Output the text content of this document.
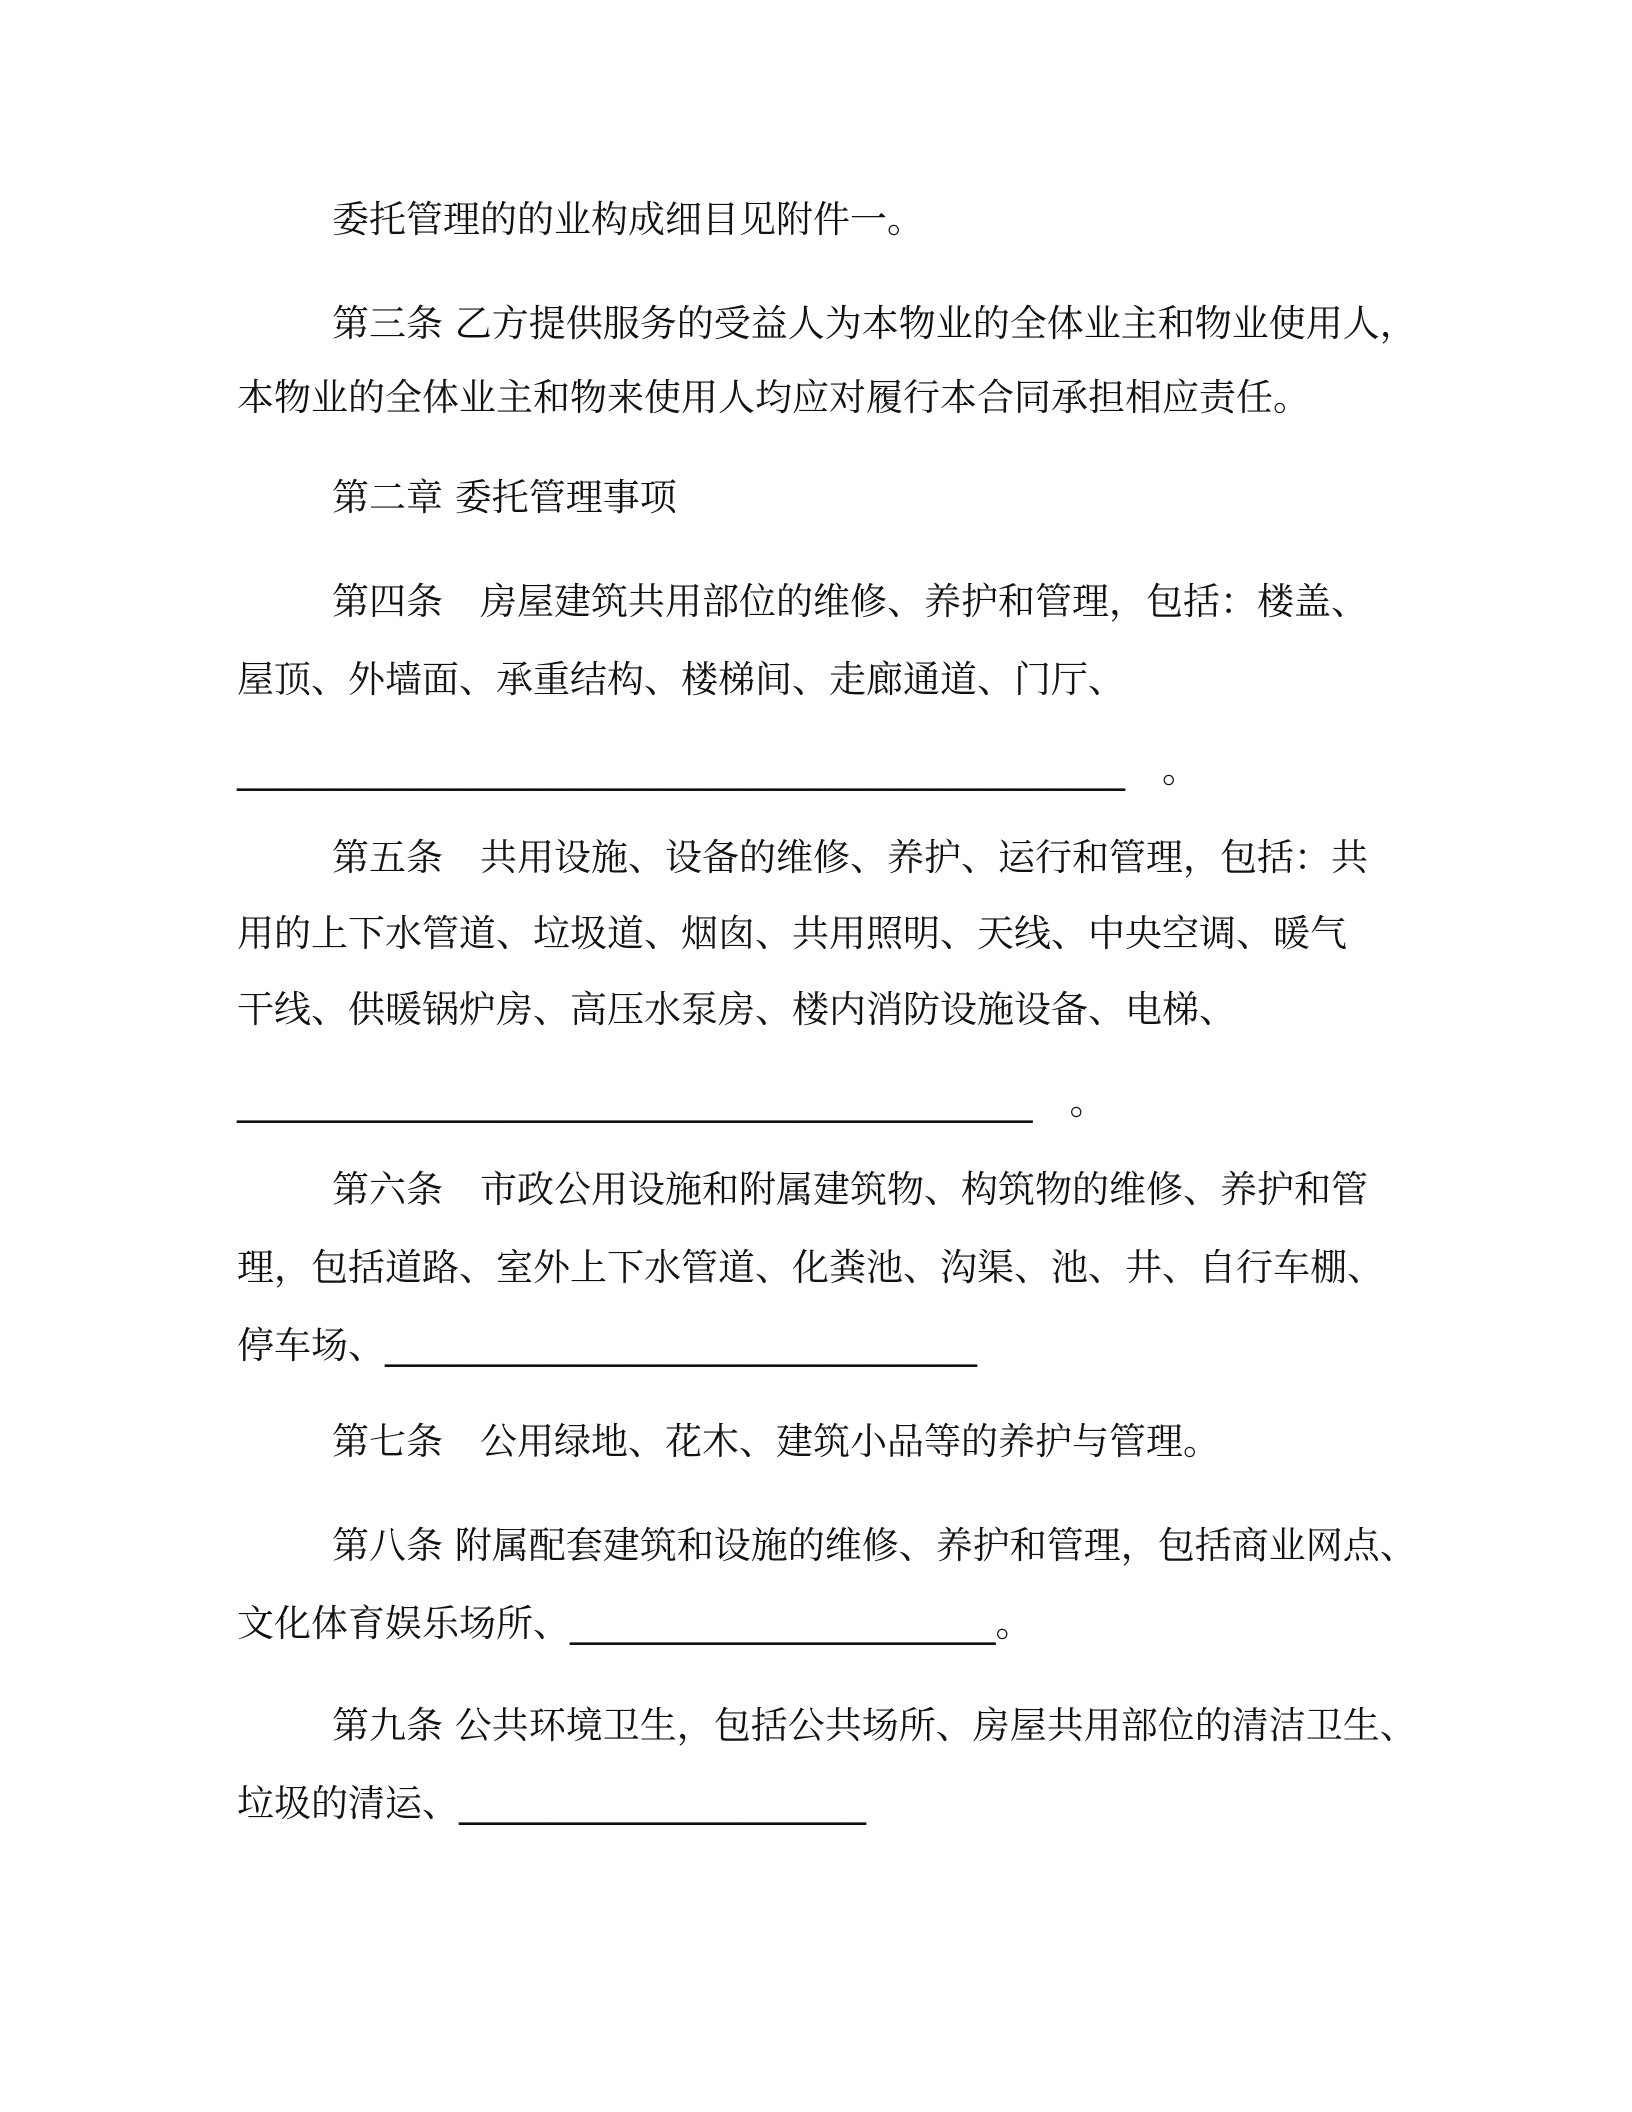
委托管理的的业构成细目见附件一。

第三条 乙方提供服务的受益人为本物业的全体业主和物业使用人，

本物业的全体业主和物来使用人均应对履行本合同承担相应责任。

第二章 委托管理事项

第四条　房屋建筑共用部位的维修、养护和管理，包括：楼盖、

屋顶、外墙面、承重结构、楼梯间、走廊通道、门厅、

________________________________________________　。

第五条　共用设施、设备的维修、养护、运行和管理，包括：共

用的上下水管道、垃圾道、烟囱、共用照明、天线、中央空调、暖气

干线、供暖锅炉房、高压水泵房、楼内消防设施设备、电梯、

___________________________________________　。

第六条　市政公用设施和附属建筑物、构筑物的维修、养护和管

理，包括道路、室外上下水管道、化粪池、沟渠、池、井、自行车棚、

停车场、________________________________

第七条　公用绿地、花木、建筑小品等的养护与管理。

第八条 附属配套建筑和设施的维修、养护和管理，包括商业网点、

文化体育娱乐场所、_______________________。

第九条 公共环境卫生，包括公共场所、房屋共用部位的清洁卫生、

垃圾的清运、______________________
